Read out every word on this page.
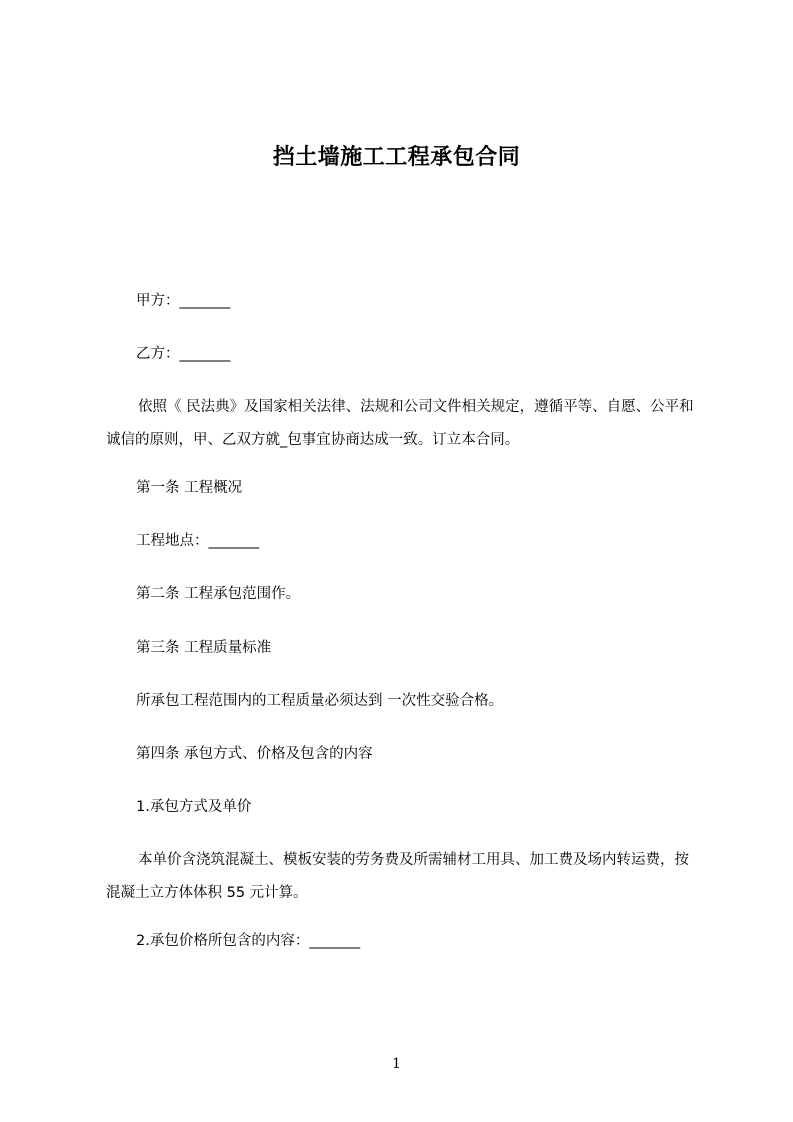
挡土墙施工工程承包合同
甲方：_______
乙方：_______
依照《 民法典》及国家相关法律、法规和公司文件相关规定，遵循平等、自愿、公平和诚信的原则，甲、乙双方就_包事宜协商达成一致。订立本合同。
第一条 工程概况
工程地点：_______
第二条 工程承包范围作。
第三条 工程质量标准
所承包工程范围内的工程质量必须达到 一次性交验合格。
第四条 承包方式、价格及包含的内容
1.承包方式及单价
本单价含浇筑混凝土、模板安装的劳务费及所需辅材工用具、加工费及场内转运费，按混凝土立方体体积 55 元计算。
2.承包价格所包含的内容：_______
1
